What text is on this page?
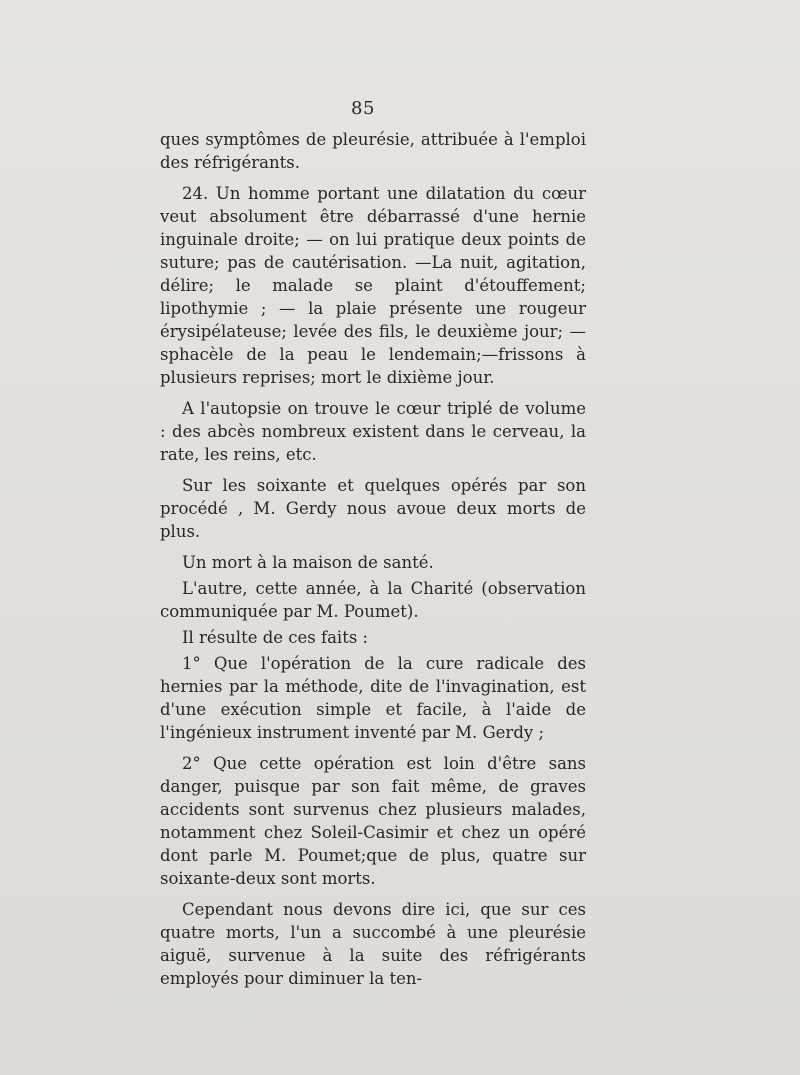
85

ques symptômes de pleurésie, attribuée à l'emploi des réfrigérants.

24. Un homme portant une dilatation du cœur veut absolument être débarrassé d'une hernie inguinale droite; — on lui pratique deux points de suture; pas de cautérisation. —La nuit, agitation, délire; le malade se plaint d'étouffement; lipothymie ; — la plaie présente une rougeur érysipélateuse; levée des fils, le deuxième jour; — sphacèle de la peau le lendemain;—frissons à plusieurs reprises; mort le dixième jour.

A l'autopsie on trouve le cœur triplé de volume : des abcès nombreux existent dans le cerveau, la rate, les reins, etc.

Sur les soixante et quelques opérés par son procédé , M. Gerdy nous avoue deux morts de plus.

Un mort à la maison de santé.

L'autre, cette année, à la Charité (observation communiquée par M. Poumet).

Il résulte de ces faits :

1° Que l'opération de la cure radicale des hernies par la méthode, dite de l'invagination, est d'une exécution simple et facile, à l'aide de l'ingénieux instrument inventé par M. Gerdy ;

2° Que cette opération est loin d'être sans danger, puisque par son fait même, de graves accidents sont survenus chez plusieurs malades, notamment chez Soleil-Casimir et chez un opéré dont parle M. Poumet;que de plus, quatre sur soixante-deux sont morts.

Cependant nous devons dire ici, que sur ces quatre morts, l'un a succombé à une pleurésie aiguë, survenue à la suite des réfrigérants employés pour diminuer la ten-
